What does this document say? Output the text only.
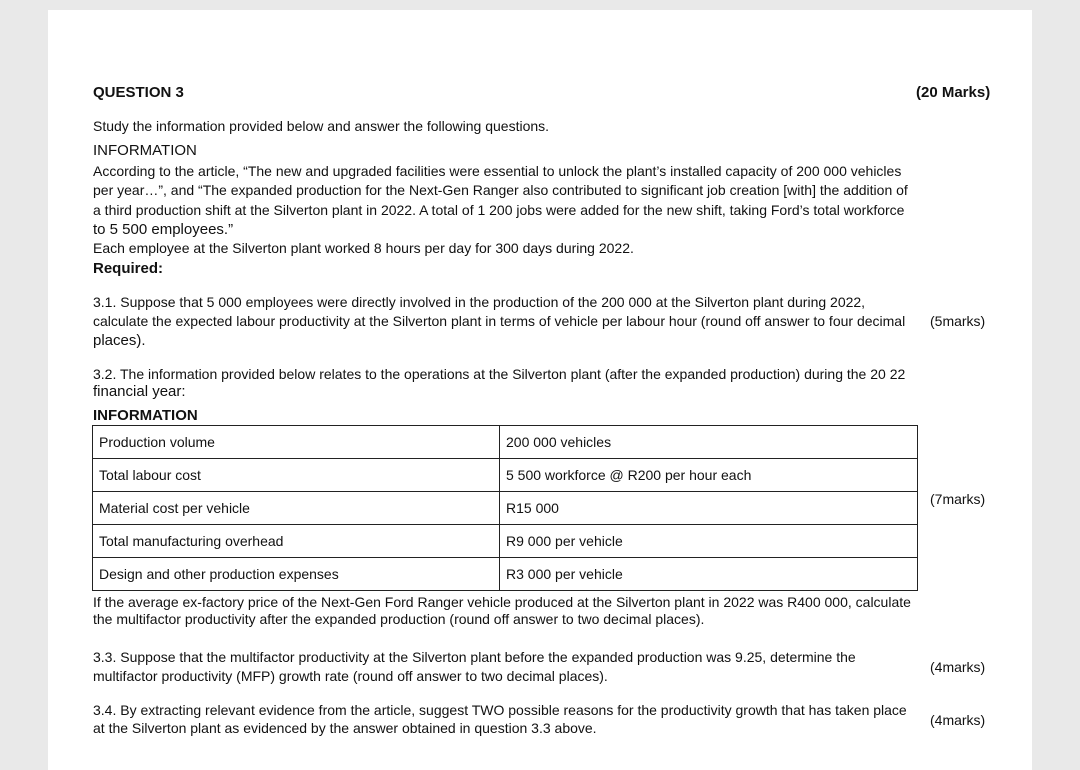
QUESTION 3	(20 Marks)
Study the information provided below and answer the following questions.
INFORMATION
According to the article, “The new and upgraded facilities were essential to unlock the plant’s installed capacity of 200 000 vehicles
per year…”, and “The expanded production for the Next-Gen Ranger also contributed to significant job creation [with] the addition of
a third production shift at the Silverton plant in 2022. A total of 1 200 jobs were added for the new shift, taking Ford’s total workforce
to 5 500 employees.”
Each employee at the Silverton plant worked 8 hours per day for 300 days during 2022.
Required:
3.1. Suppose that 5 000 employees were directly involved in the production of the 200 000 at the Silverton plant during 2022,
calculate the expected labour productivity at the Silverton plant in terms of vehicle per labour hour (round off answer to four decimal
places).
(5marks)
3.2. The information provided below relates to the operations at the Silverton plant (after the expanded production) during the 20 22
financial year:
INFORMATION
Production volume	200 000 vehicles
Total labour cost	5 500 workforce @ R200 per hour each
Material cost per vehicle	R15 000
Total manufacturing overhead	R9 000 per vehicle
Design and other production expenses	R3 000 per vehicle
(7marks)
If the average ex-factory price of the Next-Gen Ford Ranger vehicle produced at the Silverton plant in 2022 was R400 000, calculate
the multifactor productivity after the expanded production (round off answer to two decimal places).
3.3. Suppose that the multifactor productivity at the Silverton plant before the expanded production was 9.25, determine the
multifactor productivity (MFP) growth rate (round off answer to two decimal places).
(4marks)
3.4. By extracting relevant evidence from the article, suggest TWO possible reasons for the productivity growth that has taken place
at the Silverton plant as evidenced by the answer obtained in question 3.3 above.	(4marks)
